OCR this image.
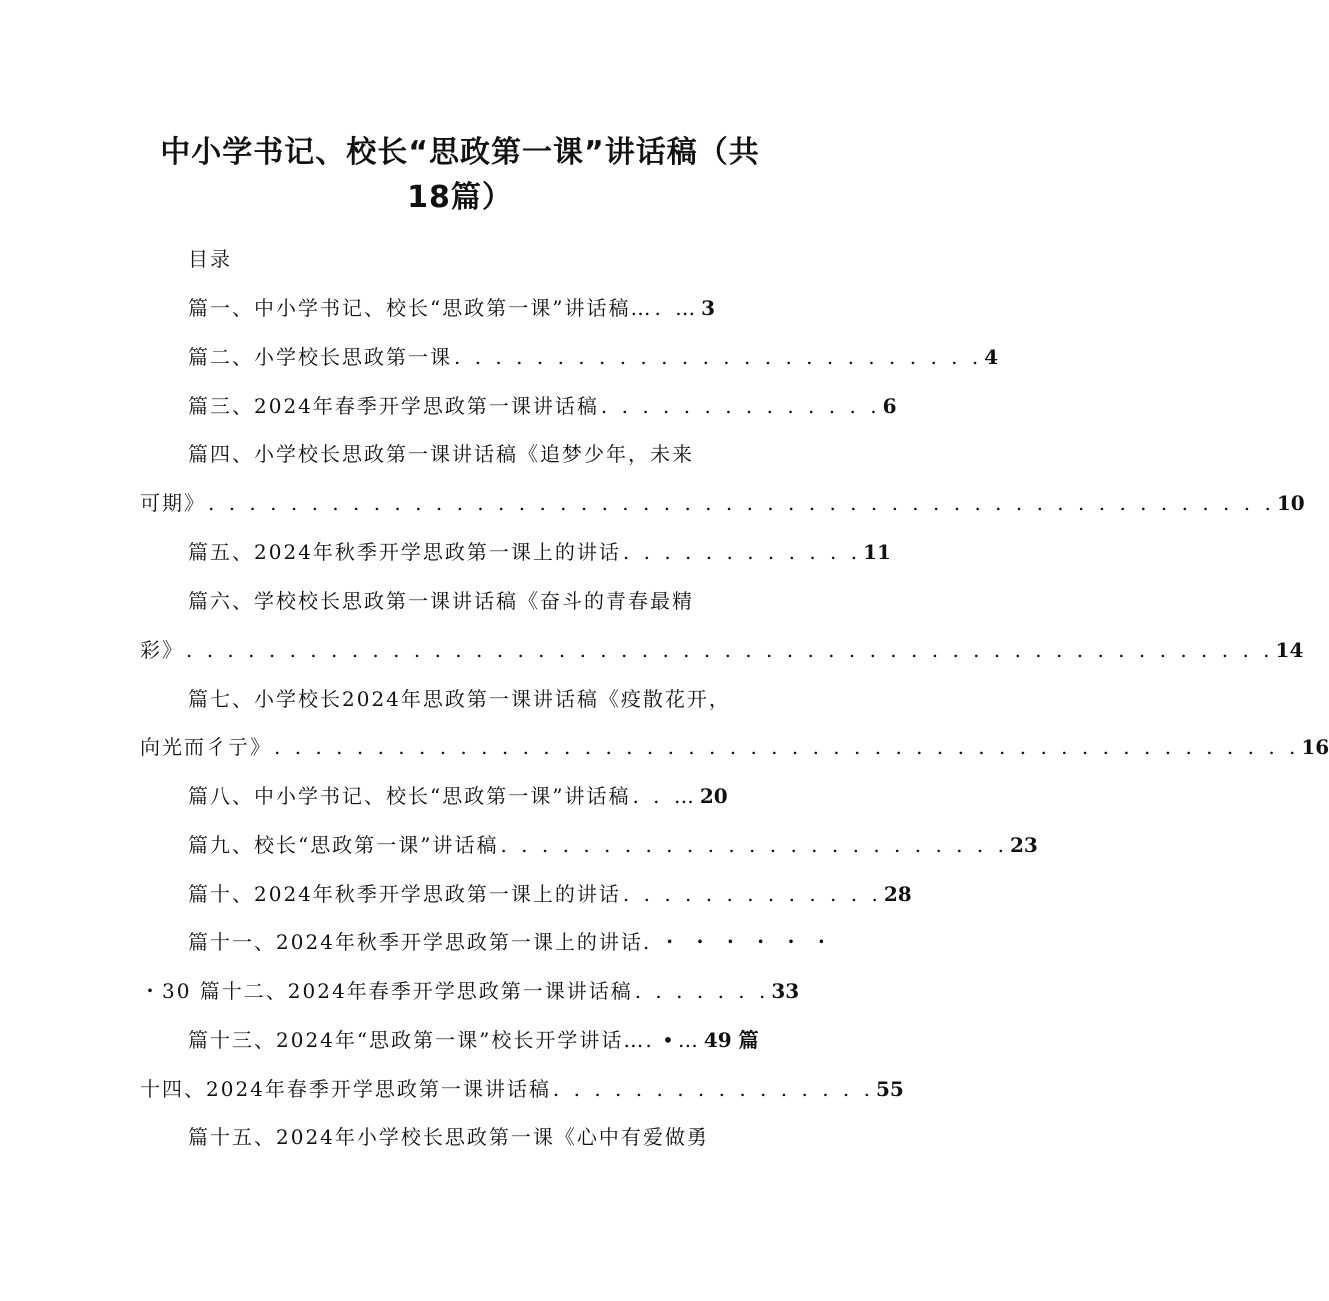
中小学书记、校长“思政第一课”讲话稿（共
18篇）
目录
篇一、中小学书记、校长“思政第一课”讲话稿… . … 3
篇二、小学校长思政第一课 . . . . . . . . . . . . . . . . . . . . . . . . . . 4
篇三、2024年春季开学思政第一课讲话稿 . . . . . . . . . . . . . . 6
篇四、小学校长思政第一课讲话稿《追梦少年，未来
可期》 . . . . . . . . . . . . . . . . . . . . . . . . . . . . . . . . . . . . . . . . . . . . . . . . . . . . 10
篇五、2024年秋季开学思政第一课上的讲话 . . . . . . . . . . . . 11
篇六、学校校长思政第一课讲话稿《奋斗的青春最精
彩》 . . . . . . . . . . . . . . . . . . . . . . . . . . . . . . . . . . . . . . . . . . . . . . . . . . . . . 14
篇七、小学校长2024年思政第一课讲话稿《疫散花开，
向光而彳亍》 . . . . . . . . . . . . . . . . . . . . . . . . . . . . . . . . . . . . . . . . . . . . . . . . . . 16
篇八、中小学书记、校长“思政第一课”讲话稿 . . … 20
篇九、校长“思政第一课”讲话稿 . . . . . . . . . . . . . . . . . . . . . . . . . 23
篇十、2024年秋季开学思政第一课上的讲话 . . . . . . . . . . . . . 28
篇十一、2024年秋季开学思政第一课上的讲话. ・ ・ ・ ・ ・ ・
・30 篇十二、2024年春季开学思政第一课讲话稿 . . . . . . . 33
篇十三、2024年“思政第一课”校长开学讲话…. • … 49 篇
十四、2024年春季开学思政第一课讲话稿 . . . . . . . . . . . . . . . . 55
篇十五、2024年小学校长思政第一课《心中有爱做勇
